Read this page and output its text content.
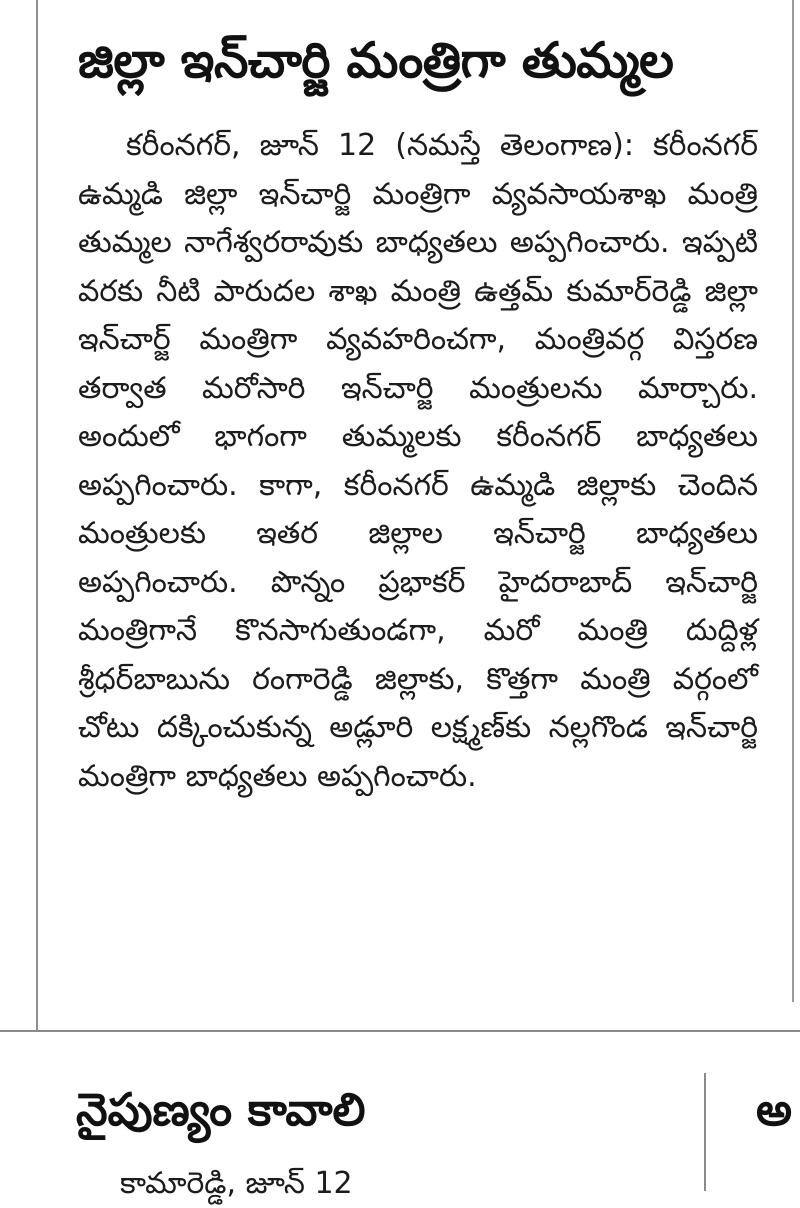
జిల్లా ఇన్‌చార్జి మంత్రిగా తుమ్మల

కరీంనగర్, జూన్ 12 (నమస్తే తెలంగాణ): కరీంనగర్ ఉమ్మడి జిల్లా ఇన్‌చార్జి మంత్రిగా వ్యవసాయశాఖ మంత్రి తుమ్మల నాగేశ్వరరావుకు బాధ్యతలు అప్పగించారు. ఇప్పటి వరకు నీటి పారుదల శాఖ మంత్రి ఉత్తమ్ కుమార్‌రెడ్డి జిల్లా ఇన్‌చార్జ్ మంత్రిగా వ్యవహరించగా, మంత్రివర్గ విస్తరణ తర్వాత మరోసారి ఇన్‌చార్జి మంత్రులను మార్చారు. అందులో భాగంగా తుమ్మలకు కరీంనగర్ బాధ్యతలు అప్పగించారు. కాగా, కరీంనగర్ ఉమ్మడి జిల్లాకు చెందిన మంత్రులకు ఇతర జిల్లాల ఇన్‌చార్జి బాధ్యతలు అప్పగించారు. పొన్నం ప్రభాకర్ హైదరాబాద్ ఇన్‌చార్జి మంత్రిగానే కొనసాగుతుండగా, మరో మంత్రి దుద్దిళ్ల శ్రీధర్‌బాబును రంగారెడ్డి జిల్లాకు, కొత్తగా మంత్రి వర్గంలో చోటు దక్కించుకున్న అడ్లూరి లక్ష్మణ్‌కు నల్లగొండ ఇన్‌చార్జి మంత్రిగా బాధ్యతలు అప్పగించారు.

నైపుణ్యం కావాలి
కామారెడ్డి, జూన్ 12
అ
